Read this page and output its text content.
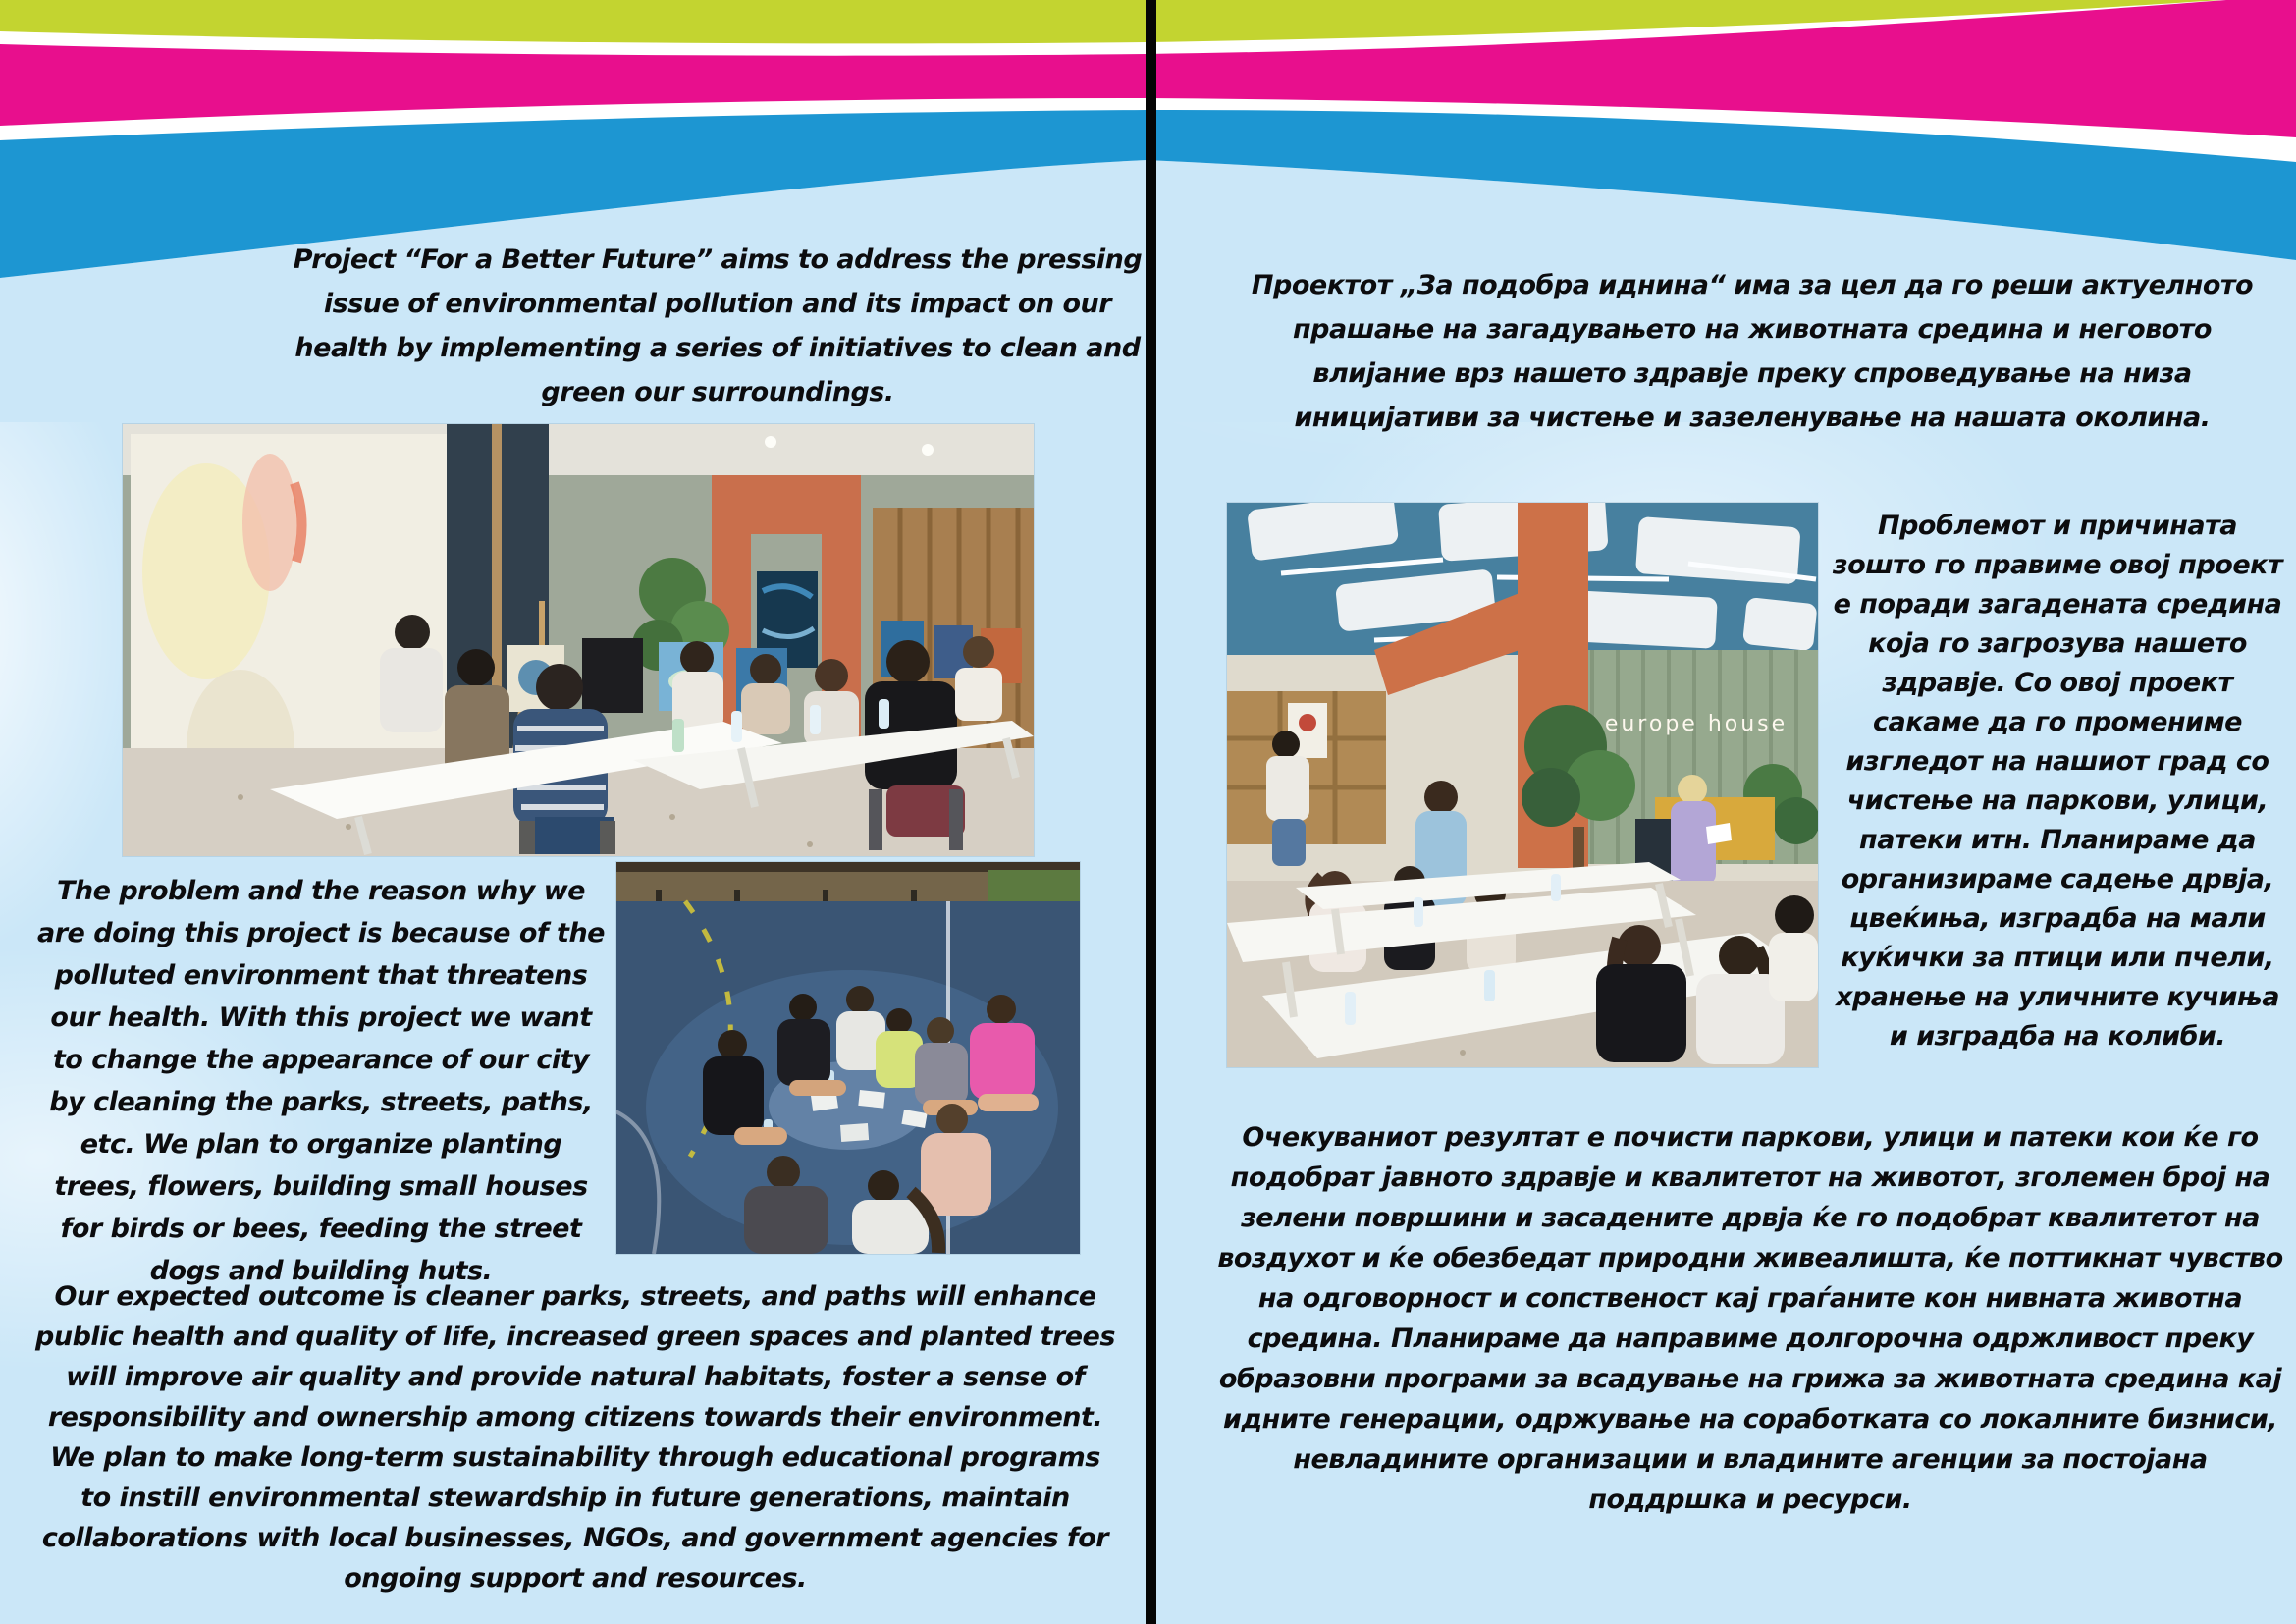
Project “For a Better Future” aims to address the pressing issue of environmental pollution and its impact on our health by implementing a series of initiatives to clean and green our surroundings.
The problem and the reason why we are doing this project is because of the polluted environment that threatens our health. With this project we want to change the appearance of our city by cleaning the parks, streets, paths, etc. We plan to organize planting trees, flowers, building small houses for birds or bees, feeding the street dogs and building huts.
Our expected outcome is cleaner parks, streets, and paths will enhance public health and quality of life, increased green spaces and planted trees will improve air quality and provide natural habitats, foster a sense of responsibility and ownership among citizens towards their environment. We plan to make long-term sustainability through educational programs to instill environmental stewardship in future generations, maintain collaborations with local businesses, NGOs, and government agencies for ongoing support and resources.
Проектот „За подобра иднина“ има за цел да го реши актуелното прашање на загадувањето на животната средина и неговото влијание врз нашето здравје преку спроведување на низа иницијативи за чистење и зазеленување на нашата околина.
europe house
Проблемот и причината зошто го правиме овој проект е поради загадената средина која го загрозува нашето здравје. Со овој проект сакаме да го промениме изгледот на нашиот град со чистење на паркови, улици, патеки итн. Планираме да организираме садење дрвја, цвеќиња, изградба на мали куќички за птици или пчели, хранење на уличните кучиња и изградба на колиби.
Очекуваниот резултат е почисти паркови, улици и патеки кои ќе го подобрат јавното здравје и квалитетот на животот, зголемен број на зелени површини и засадените дрвја ќе го подобрат квалитетот на воздухот и ќе обезбедат природни живеалишта, ќе поттикнат чувство на одговорност и сопственост кај граѓаните кон нивната животна средина. Планираме да направиме долгорочна одржливост преку образовни програми за всадување на грижа за животната средина кај идните генерации, одржување на соработката со локалните бизниси, невладините организации и владините агенции за постојана поддршка и ресурси.
